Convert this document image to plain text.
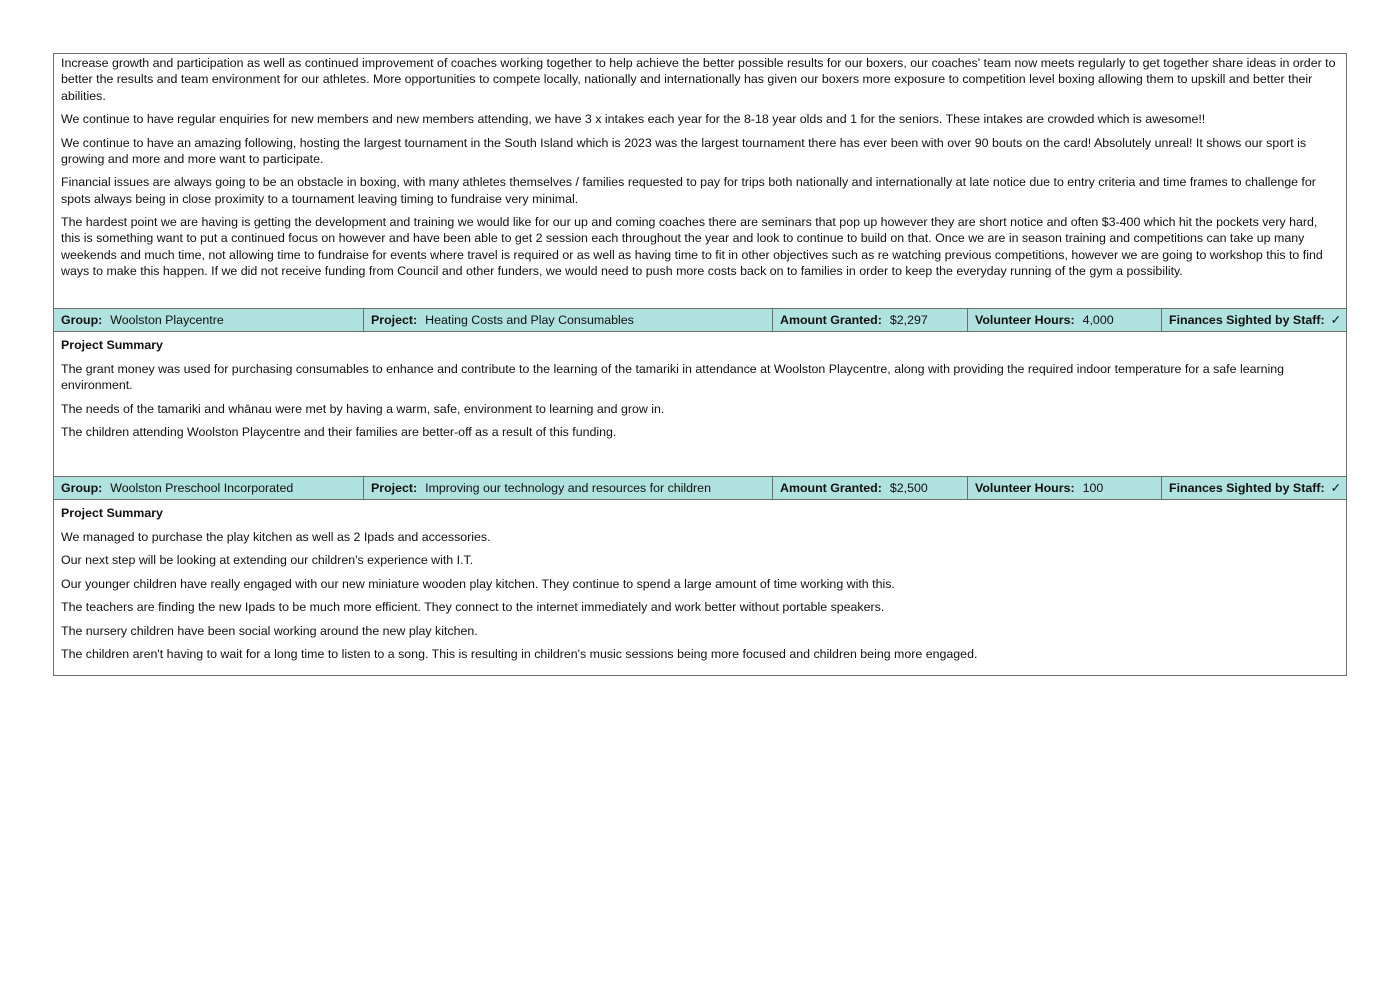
Increase growth and participation as well as continued improvement of coaches working together to help achieve the better possible results for our boxers, our coaches' team now meets regularly to get together share ideas in order to better the results and team environment for our athletes. More opportunities to compete locally, nationally and internationally has given our boxers more exposure to competition level boxing allowing them to upskill and better their abilities.

We continue to have regular enquiries for new members and new members attending, we have 3 x intakes each year for the 8-18 year olds and 1 for the seniors. These intakes are crowded which is awesome!!

We continue to have an amazing following, hosting the largest tournament in the South Island which is 2023 was the largest tournament there has ever been with over 90 bouts on the card! Absolutely unreal! It shows our sport is growing and more and more want to participate.

Financial issues are always going to be an obstacle in boxing, with many athletes themselves / families requested to pay for trips both nationally and internationally at late notice due to entry criteria and time frames to challenge for spots always being in close proximity to a tournament leaving timing to fundraise very minimal.

The hardest point we are having is getting the development and training we would like for our up and coming coaches there are seminars that pop up however they are short notice and often $3-400 which hit the pockets very hard, this is something want to put a continued focus on however and have been able to get 2 session each throughout the year and look to continue to build on that. Once we are in season training and competitions can take up many weekends and much time, not allowing time to fundraise for events where travel is required or as well as having time to fit in other objectives such as re watching previous competitions, however we are going to workshop this to find ways to make this happen. If we did not receive funding from Council and other funders, we would need to push more costs back on to families in order to keep the everyday running of the gym a possibility.

Group: Woolston Playcentre	Project: Heating Costs and Play Consumables	Amount Granted: $2,297	Volunteer Hours: 4,000	Finances Sighted by Staff: ✓
Project Summary

The grant money was used for purchasing consumables to enhance and contribute to the learning of the tamariki in attendance at Woolston Playcentre, along with providing the required indoor temperature for a safe learning environment.

The needs of the tamariki and whānau were met by having a warm, safe, environment to learning and grow in.

The children attending Woolston Playcentre and their families are better-off as a result of this funding.

Group: Woolston Preschool Incorporated	Project: Improving our technology and resources for children	Amount Granted: $2,500	Volunteer Hours: 100	Finances Sighted by Staff: ✓
Project Summary

We managed to purchase the play kitchen as well as 2 Ipads and accessories.

Our next step will be looking at extending our children's experience with I.T.

Our younger children have really engaged with our new miniature wooden play kitchen. They continue to spend a large amount of time working with this.

The teachers are finding the new Ipads to be much more efficient. They connect to the internet immediately and work better without portable speakers.

The nursery children have been social working around the new play kitchen.

The children aren't having to wait for a long time to listen to a song. This is resulting in children's music sessions being more focused and children being more engaged.
